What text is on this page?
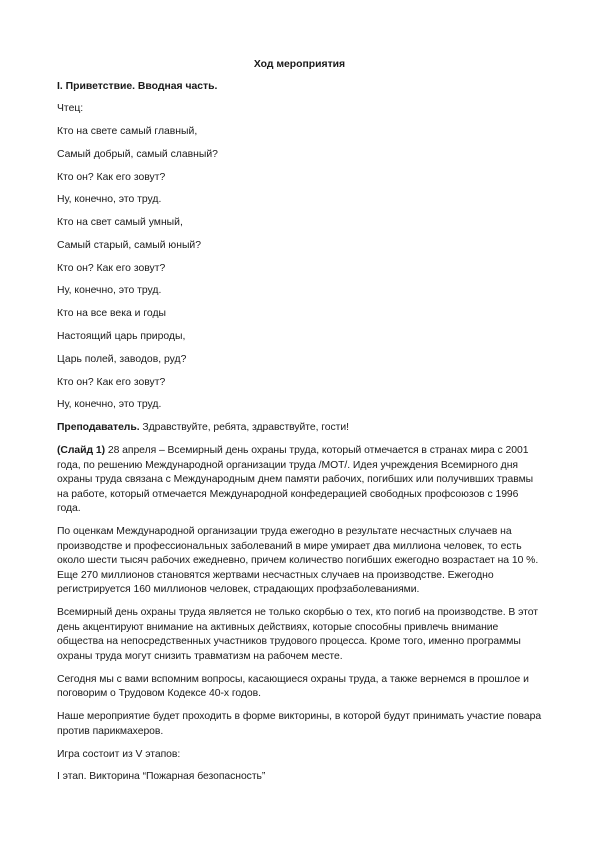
Ход мероприятия

I. Приветствие. Вводная часть.

Чтец:

Кто на свете самый главный,

Самый добрый, самый славный?

Кто он? Как его зовут?

Ну, конечно, это труд.

Кто на свет самый умный,

Самый старый, самый юный?

Кто он? Как его зовут?

Ну, конечно, это труд.

Кто на все века и годы

Настоящий царь природы,

Царь полей, заводов, руд?

Кто он? Как его зовут?

Ну, конечно, это труд.

Преподаватель. Здравствуйте, ребята, здравствуйте, гости!

(Слайд 1) 28 апреля – Всемирный день охраны труда, который отмечается в странах мира с 2001 года, по решению Международной организации труда /МОТ/. Идея учреждения Всемирного дня охраны труда связана с Международным днем памяти рабочих, погибших или получивших травмы на работе, который отмечается Международной конфедерацией свободных профсоюзов с 1996 года.

По оценкам Международной организации труда ежегодно в результате несчастных случаев на производстве и профессиональных заболеваний в мире умирает два миллиона человек, то есть около шести тысяч рабочих ежедневно, причем количество погибших ежегодно возрастает на 10 %. Еще 270 миллионов становятся жертвами несчастных случаев на производстве. Ежегодно регистрируется 160 миллионов человек, страдающих профзаболеваниями.

Всемирный день охраны труда является не только скорбью о тех, кто погиб на производстве. В этот день акцентируют внимание на активных действиях, которые способны привлечь внимание общества на непосредственных участников трудового процесса. Кроме того, именно программы охраны труда могут снизить травматизм на рабочем месте.

Сегодня мы с вами вспомним вопросы, касающиеся охраны труда, а также вернемся в прошлое и поговорим о Трудовом Кодексе 40-х годов.

Наше мероприятие будет проходить в форме викторины, в которой будут принимать участие повара против парикмахеров.

Игра состоит из V этапов:

I этап. Викторина “Пожарная безопасность”
